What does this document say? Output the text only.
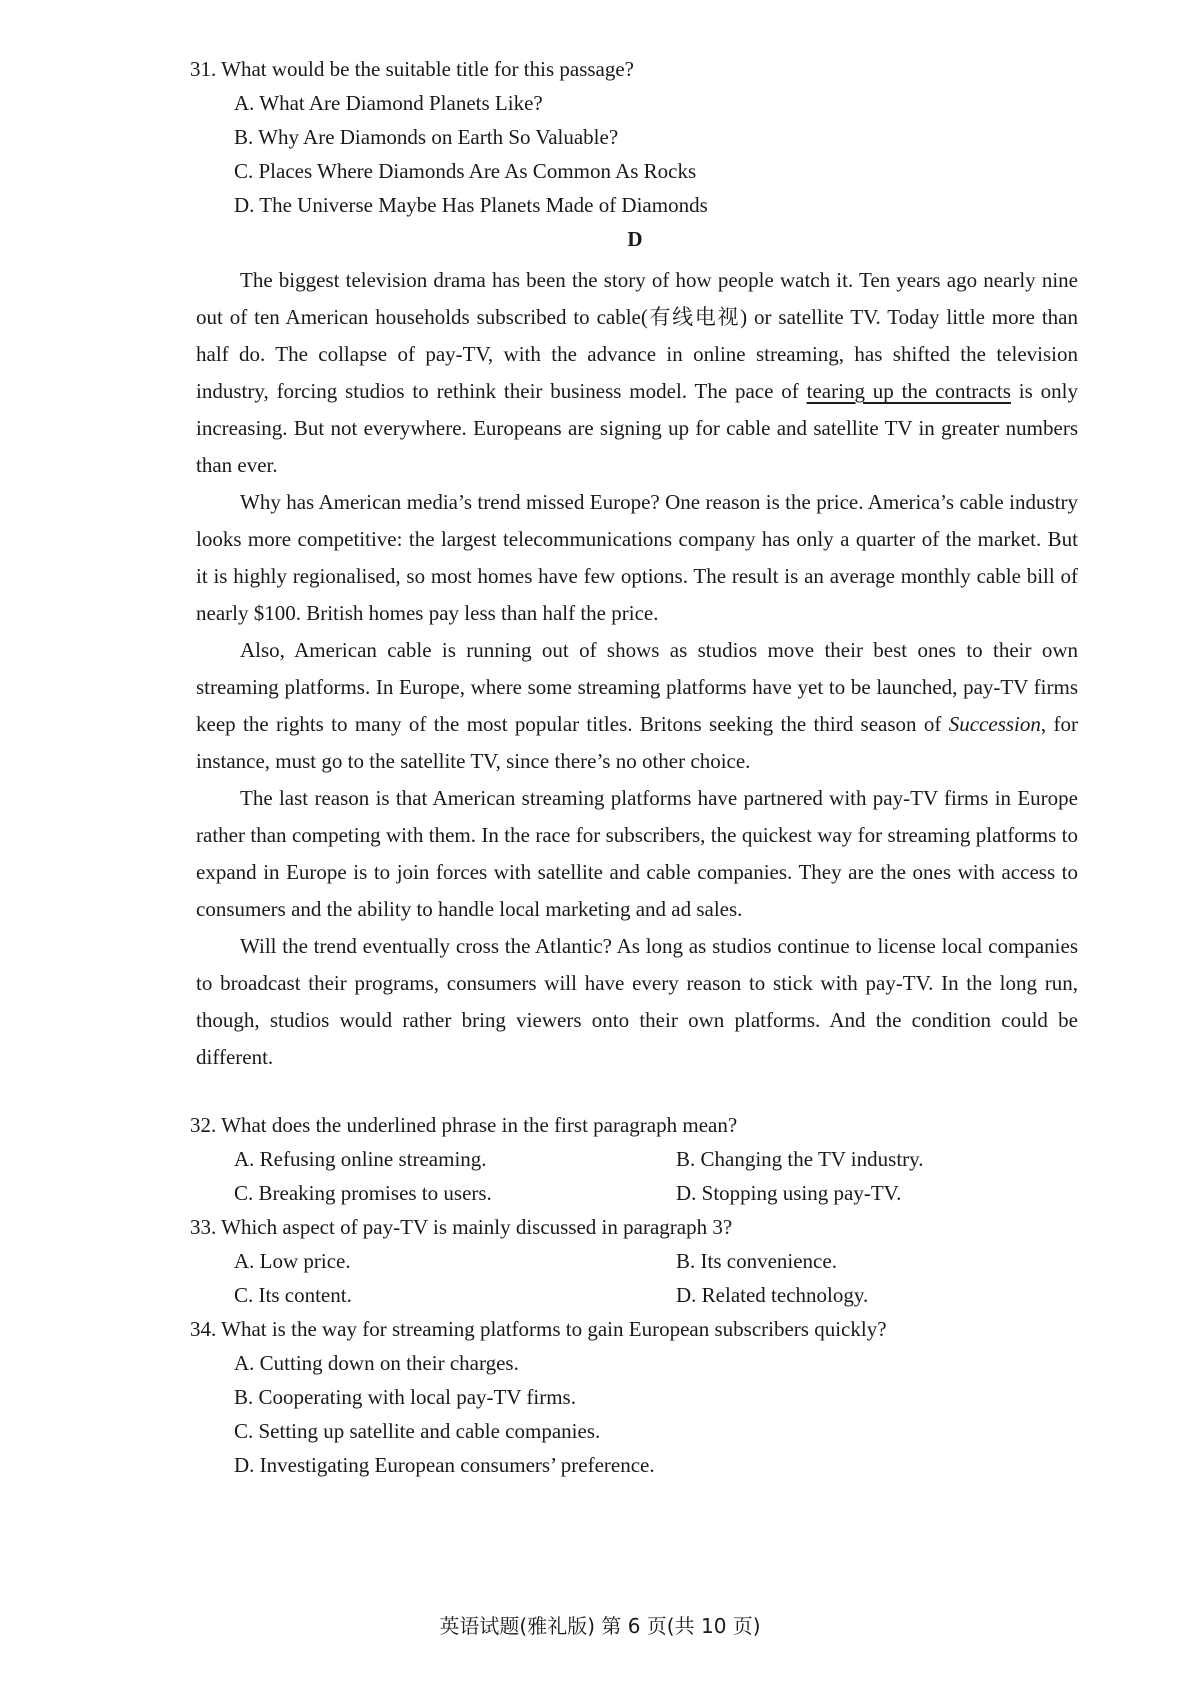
31. What would be the suitable title for this passage?
A. What Are Diamond Planets Like?
B. Why Are Diamonds on Earth So Valuable?
C. Places Where Diamonds Are As Common As Rocks
D. The Universe Maybe Has Planets Made of Diamonds
D

The biggest television drama has been the story of how people watch it. Ten years ago nearly nine out of ten American households subscribed to cable(有线电视) or satellite TV. Today little more than half do. The collapse of pay-TV, with the advance in online streaming, has shifted the television industry, forcing studios to rethink their business model. The pace of tearing up the contracts is only increasing. But not everywhere. Europeans are signing up for cable and satellite TV in greater numbers than ever.

Why has American media’s trend missed Europe? One reason is the price. America’s cable industry looks more competitive: the largest telecommunications company has only a quarter of the market. But it is highly regionalised, so most homes have few options. The result is an average monthly cable bill of nearly $100. British homes pay less than half the price.

Also, American cable is running out of shows as studios move their best ones to their own streaming platforms. In Europe, where some streaming platforms have yet to be launched, pay-TV firms keep the rights to many of the most popular titles. Britons seeking the third season of Succession, for instance, must go to the satellite TV, since there’s no other choice.

The last reason is that American streaming platforms have partnered with pay-TV firms in Europe rather than competing with them. In the race for subscribers, the quickest way for streaming platforms to expand in Europe is to join forces with satellite and cable companies. They are the ones with access to consumers and the ability to handle local marketing and ad sales.

Will the trend eventually cross the Atlantic? As long as studios continue to license local companies to broadcast their programs, consumers will have every reason to stick with pay-TV. In the long run, though, studios would rather bring viewers onto their own platforms. And the condition could be different.

32. What does the underlined phrase in the first paragraph mean?
A. Refusing online streaming.	B. Changing the TV industry.
C. Breaking promises to users.	D. Stopping using pay-TV.
33. Which aspect of pay-TV is mainly discussed in paragraph 3?
A. Low price.	B. Its convenience.
C. Its content.	D. Related technology.
34. What is the way for streaming platforms to gain European subscribers quickly?
A. Cutting down on their charges.
B. Cooperating with local pay-TV firms.
C. Setting up satellite and cable companies.
D. Investigating European consumers’ preference.
英语试题(雅礼版) 第 6 页(共 10 页)
